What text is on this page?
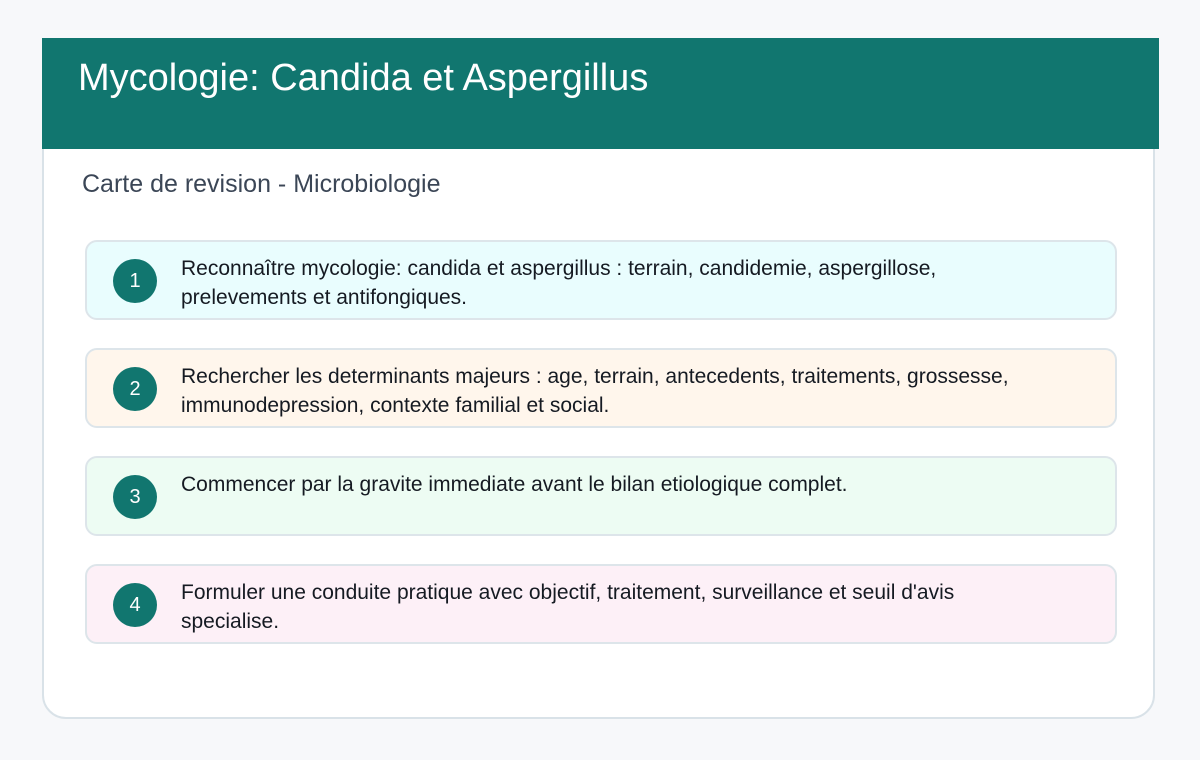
Mycologie: Candida et Aspergillus
Carte de revision - Microbiologie
1
Reconnaître mycologie: candida et aspergillus : terrain, candidemie, aspergillose, prelevements et antifongiques.
2
Rechercher les determinants majeurs : age, terrain, antecedents, traitements, grossesse, immunodepression, contexte familial et social.
3
Commencer par la gravite immediate avant le bilan etiologique complet.
4
Formuler une conduite pratique avec objectif, traitement, surveillance et seuil d'avis specialise.
